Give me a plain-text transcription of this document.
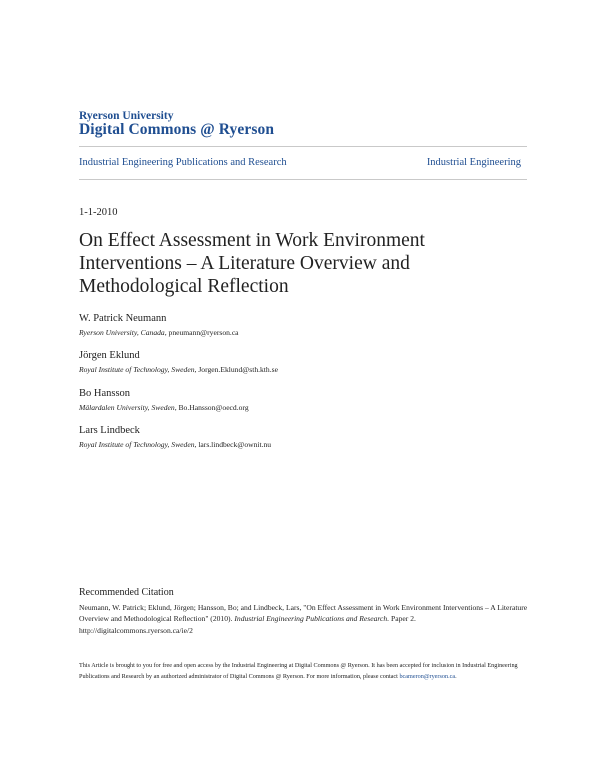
Ryerson University
Digital Commons @ Ryerson
Industrial Engineering Publications and Research	Industrial Engineering
1-1-2010
On Effect Assessment in Work Environment
Interventions – A Literature Overview and
Methodological Reflection
W. Patrick Neumann
Ryerson University, Canada, pneumann@ryerson.ca
Jörgen Eklund
Royal Institute of Technology, Sweden, Jorgen.Eklund@sth.kth.se
Bo Hansson
Mälardalen University, Sweden, Bo.Hansson@oecd.org
Lars Lindbeck
Royal Institute of Technology, Sweden, lars.lindbeck@ownit.nu
Recommended Citation
Neumann, W. Patrick; Eklund, Jörgen; Hansson, Bo; and Lindbeck, Lars, "On Effect Assessment in Work Environment Interventions – A Literature Overview and Methodological Reflection" (2010). Industrial Engineering Publications and Research. Paper 2.
http://digitalcommons.ryerson.ca/ie/2
This Article is brought to you for free and open access by the Industrial Engineering at Digital Commons @ Ryerson. It has been accepted for inclusion in Industrial Engineering Publications and Research by an authorized administrator of Digital Commons @ Ryerson. For more information, please contact bcameron@ryerson.ca.
